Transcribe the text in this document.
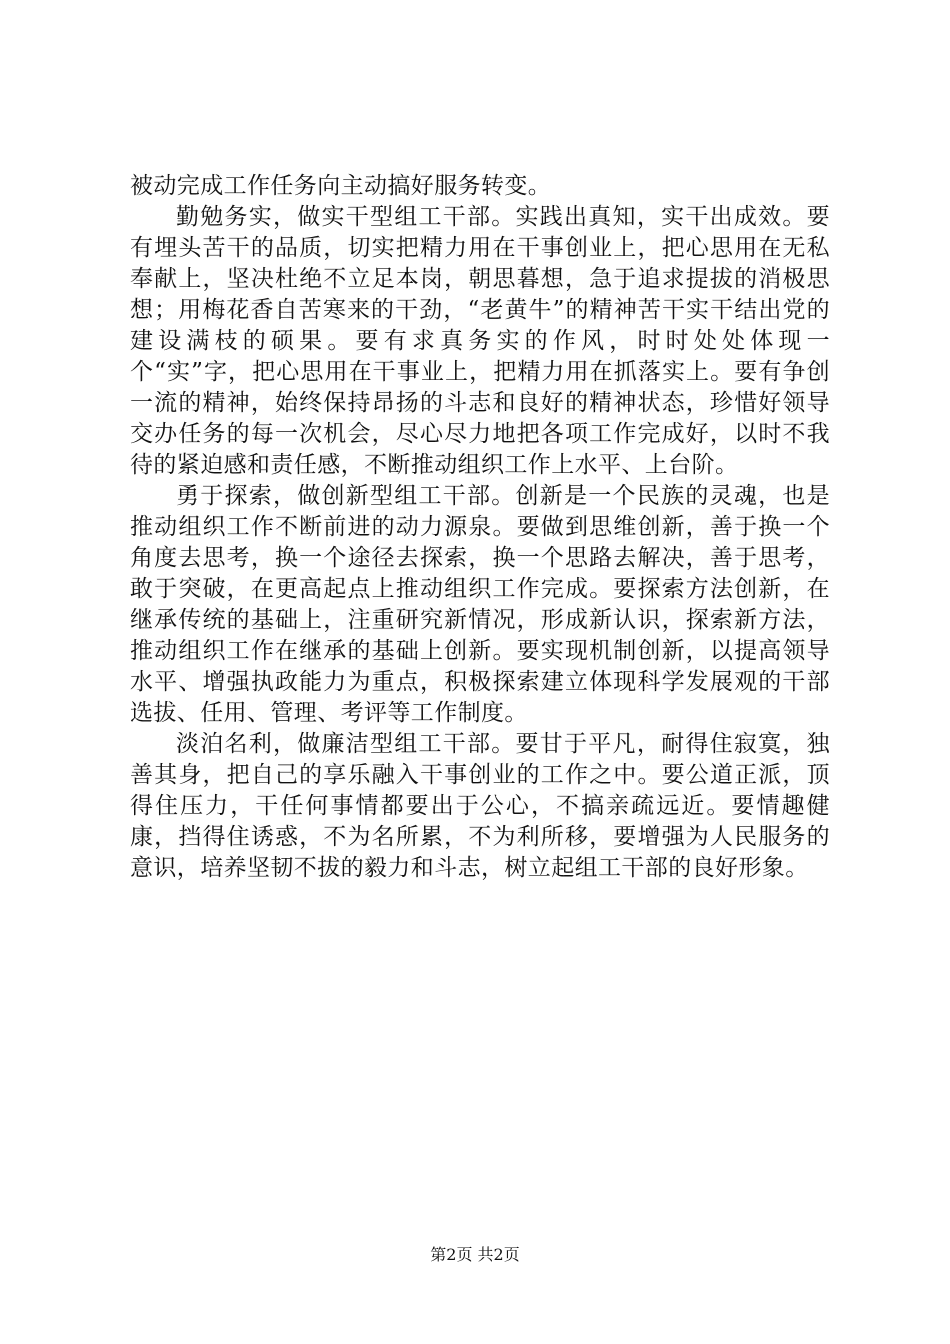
被动完成工作任务向主动搞好服务转变。

勤勉务实，做实干型组工干部。实践出真知，实干出成效。要有埋头苦干的品质，切实把精力用在干事创业上，把心思用在无私奉献上，坚决杜绝不立足本岗，朝思暮想，急于追求提拔的消极思想；用梅花香自苦寒来的干劲，“老黄牛”的精神苦干实干结出党的建设满枝的硕果。要有求真务实的作风，时时处处体现一个“实”字，把心思用在干事业上，把精力用在抓落实上。要有争创一流的精神，始终保持昂扬的斗志和良好的精神状态，珍惜好领导交办任务的每一次机会，尽心尽力地把各项工作完成好，以时不我待的紧迫感和责任感，不断推动组织工作上水平、上台阶。

勇于探索，做创新型组工干部。创新是一个民族的灵魂，也是推动组织工作不断前进的动力源泉。要做到思维创新，善于换一个角度去思考，换一个途径去探索，换一个思路去解决，善于思考，敢于突破，在更高起点上推动组织工作完成。要探索方法创新，在继承传统的基础上，注重研究新情况，形成新认识，探索新方法，推动组织工作在继承的基础上创新。要实现机制创新，以提高领导水平、增强执政能力为重点，积极探索建立体现科学发展观的干部选拔、任用、管理、考评等工作制度。

淡泊名利，做廉洁型组工干部。要甘于平凡，耐得住寂寞，独善其身，把自己的享乐融入干事创业的工作之中。要公道正派，顶得住压力，干任何事情都要出于公心，不搞亲疏远近。要情趣健康，挡得住诱惑，不为名所累，不为利所移，要增强为人民服务的意识，培养坚韧不拔的毅力和斗志，树立起组工干部的良好形象。

第2页 共2页
